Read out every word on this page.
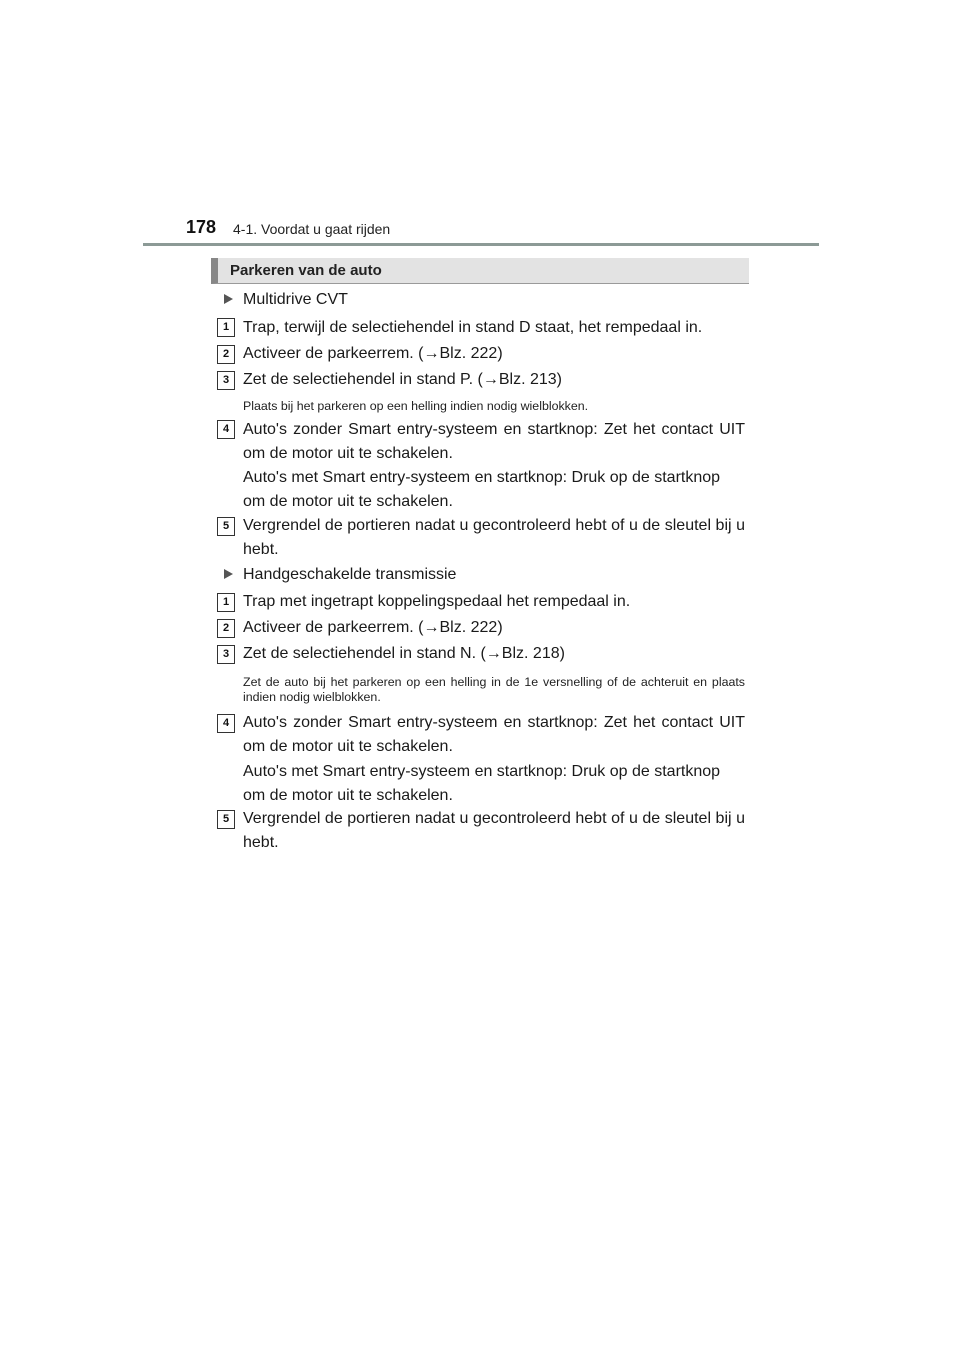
178 4-1. Voordat u gaat rijden
Parkeren van de auto
Multidrive CVT
1 Trap, terwijl de selectiehendel in stand D staat, het rempedaal in.
2 Activeer de parkeerrem. (→Blz. 222)
3 Zet de selectiehendel in stand P. (→Blz. 213)
Plaats bij het parkeren op een helling indien nodig wielblokken.
4 Auto's zonder Smart entry-systeem en startknop: Zet het contact UIT om de motor uit te schakelen.
Auto's met Smart entry-systeem en startknop: Druk op de startknop om de motor uit te schakelen.
5 Vergrendel de portieren nadat u gecontroleerd hebt of u de sleutel bij u hebt.
Handgeschakelde transmissie
1 Trap met ingetrapt koppelingspedaal het rempedaal in.
2 Activeer de parkeerrem. (→Blz. 222)
3 Zet de selectiehendel in stand N. (→Blz. 218)
Zet de auto bij het parkeren op een helling in de 1e versnelling of de achteruit en plaats indien nodig wielblokken.
4 Auto's zonder Smart entry-systeem en startknop: Zet het contact UIT om de motor uit te schakelen.
Auto's met Smart entry-systeem en startknop: Druk op de startknop om de motor uit te schakelen.
5 Vergrendel de portieren nadat u gecontroleerd hebt of u de sleutel bij u hebt.
